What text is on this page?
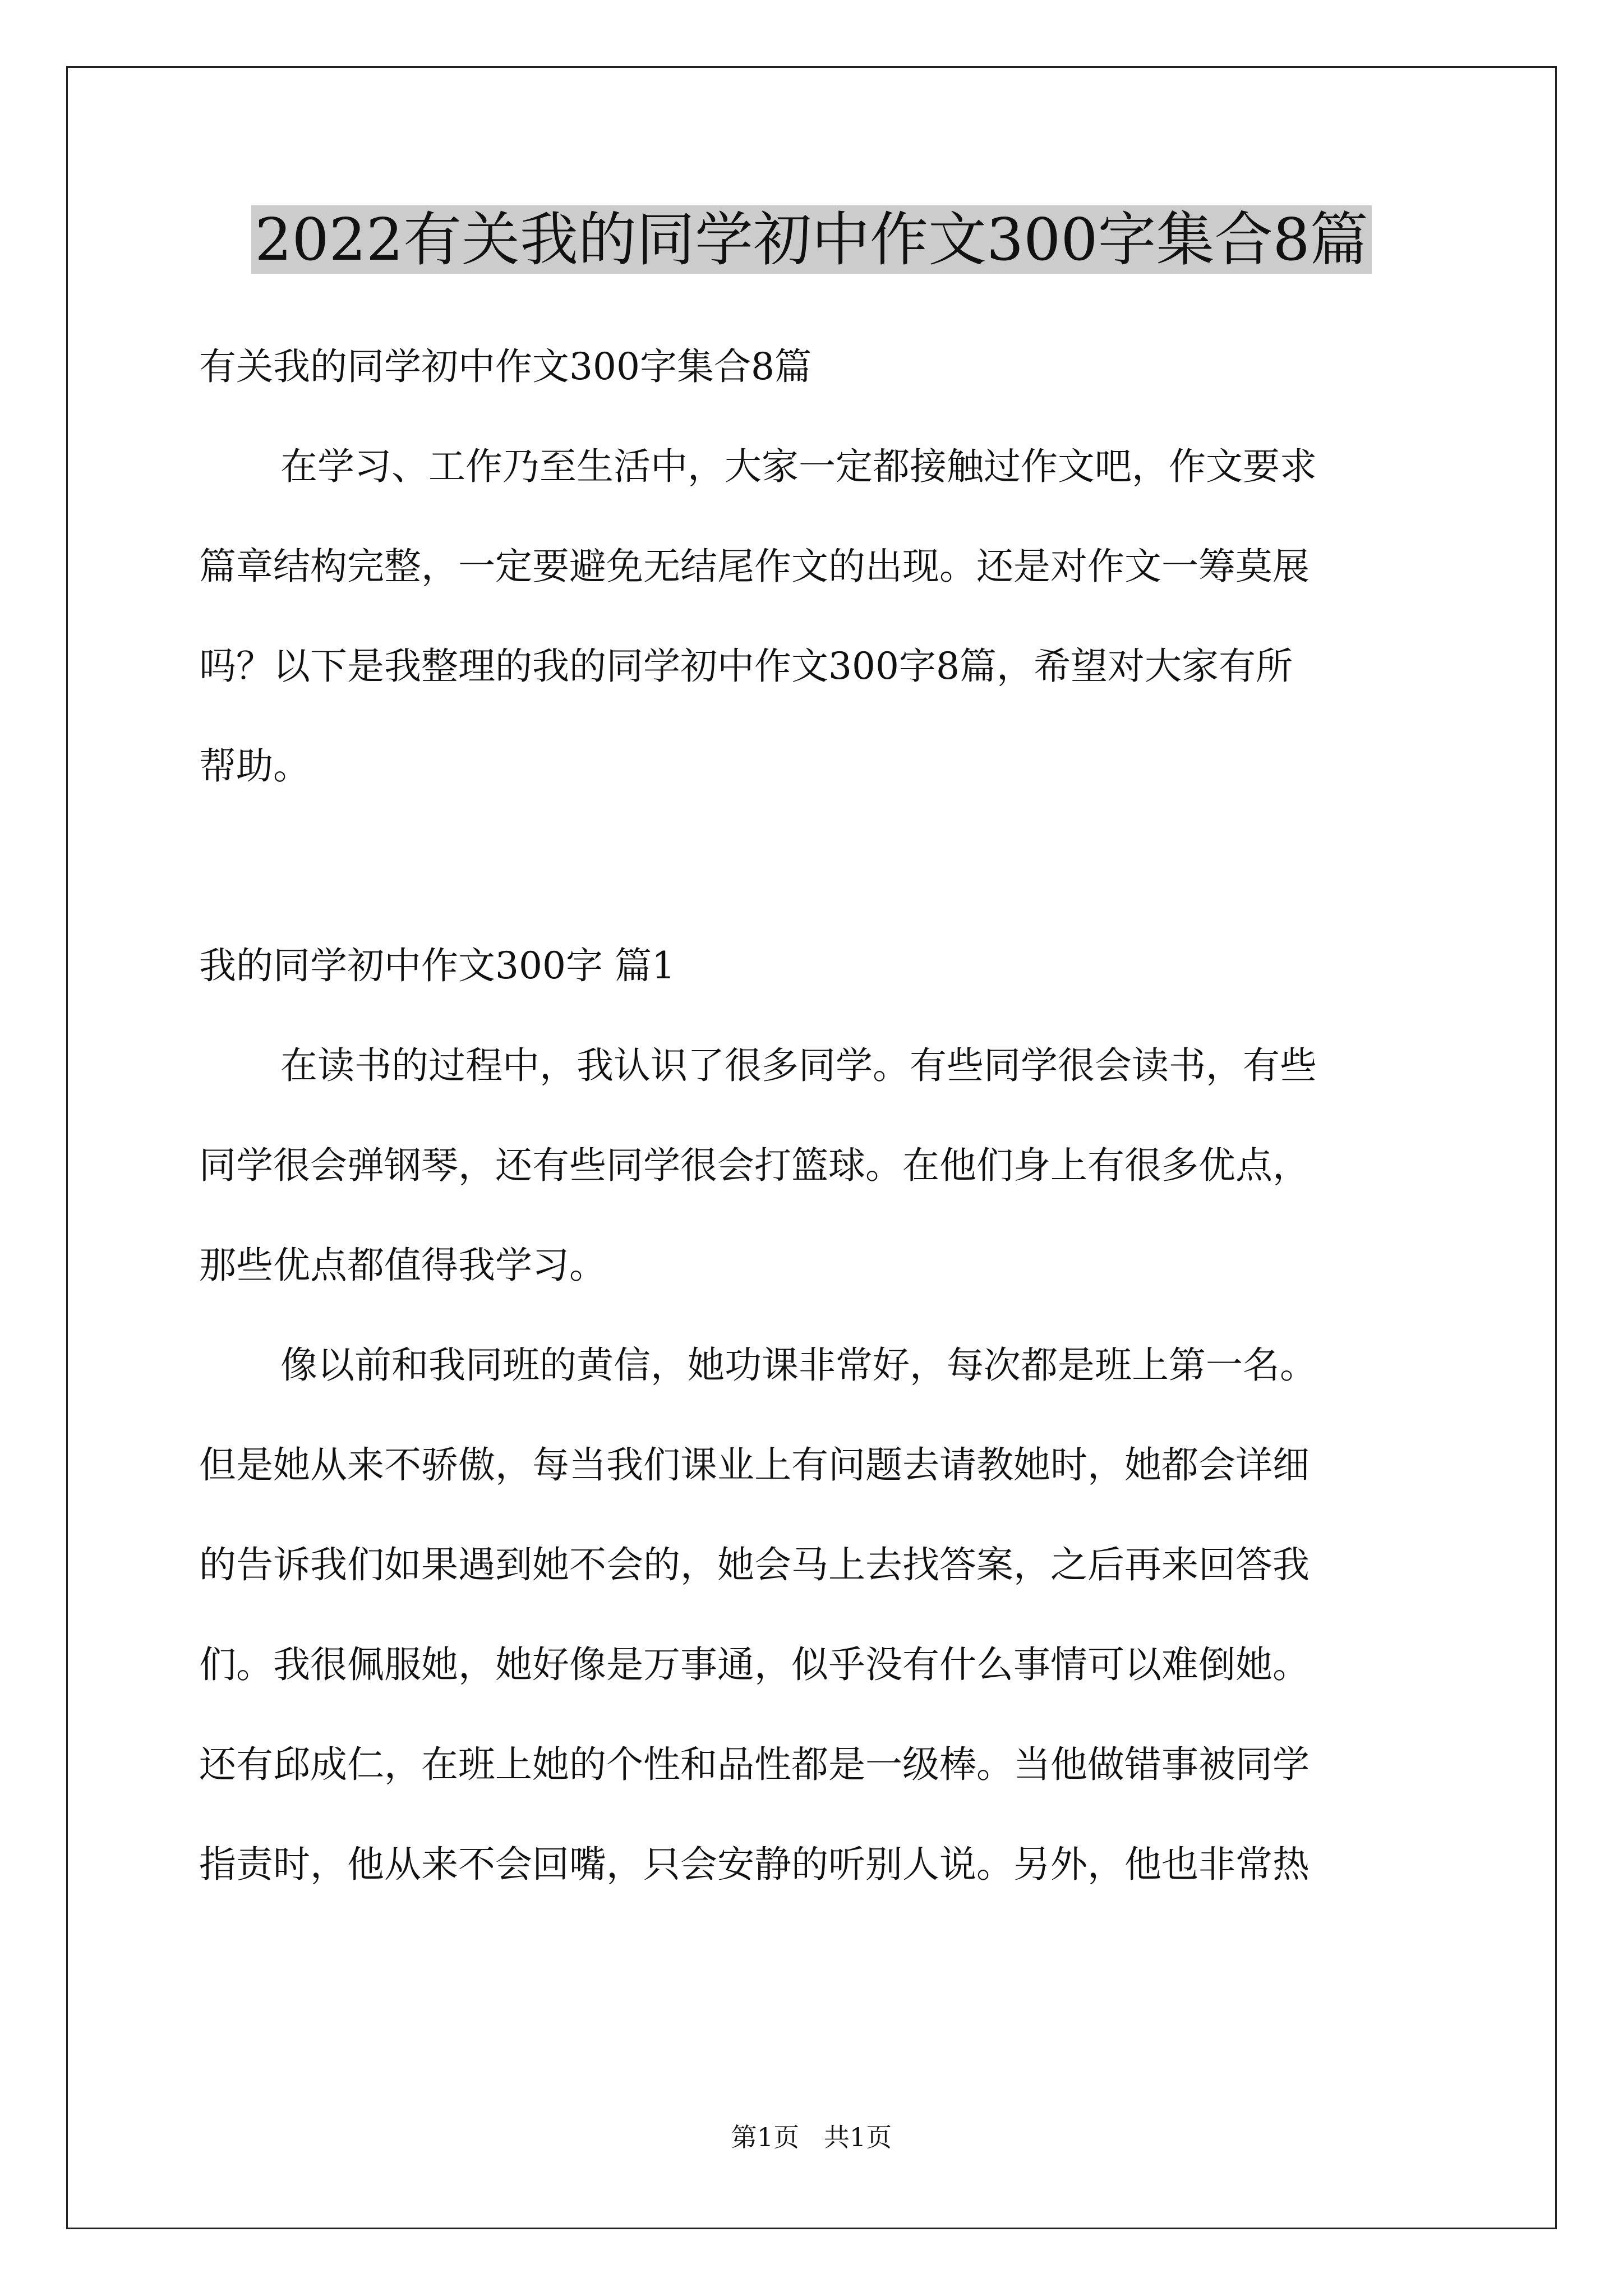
2022有关我的同学初中作文300字集合8篇
有关我的同学初中作文300字集合8篇
在学习、工作乃至生活中，大家一定都接触过作文吧，作文要求
篇章结构完整，一定要避免无结尾作文的出现。还是对作文一筹莫展
吗？以下是我整理的我的同学初中作文300字8篇，希望对大家有所
帮助。
我的同学初中作文300字 篇1
在读书的过程中，我认识了很多同学。有些同学很会读书，有些
同学很会弹钢琴，还有些同学很会打篮球。在他们身上有很多优点，
那些优点都值得我学习。
像以前和我同班的黄信，她功课非常好，每次都是班上第一名。
但是她从来不骄傲，每当我们课业上有问题去请教她时，她都会详细
的告诉我们如果遇到她不会的，她会马上去找答案，之后再来回答我
们。我很佩服她，她好像是万事通，似乎没有什么事情可以难倒她。
还有邱成仁，在班上她的个性和品性都是一级棒。当他做错事被同学
指责时，他从来不会回嘴，只会安静的听别人说。另外，他也非常热
第1页   共1页
